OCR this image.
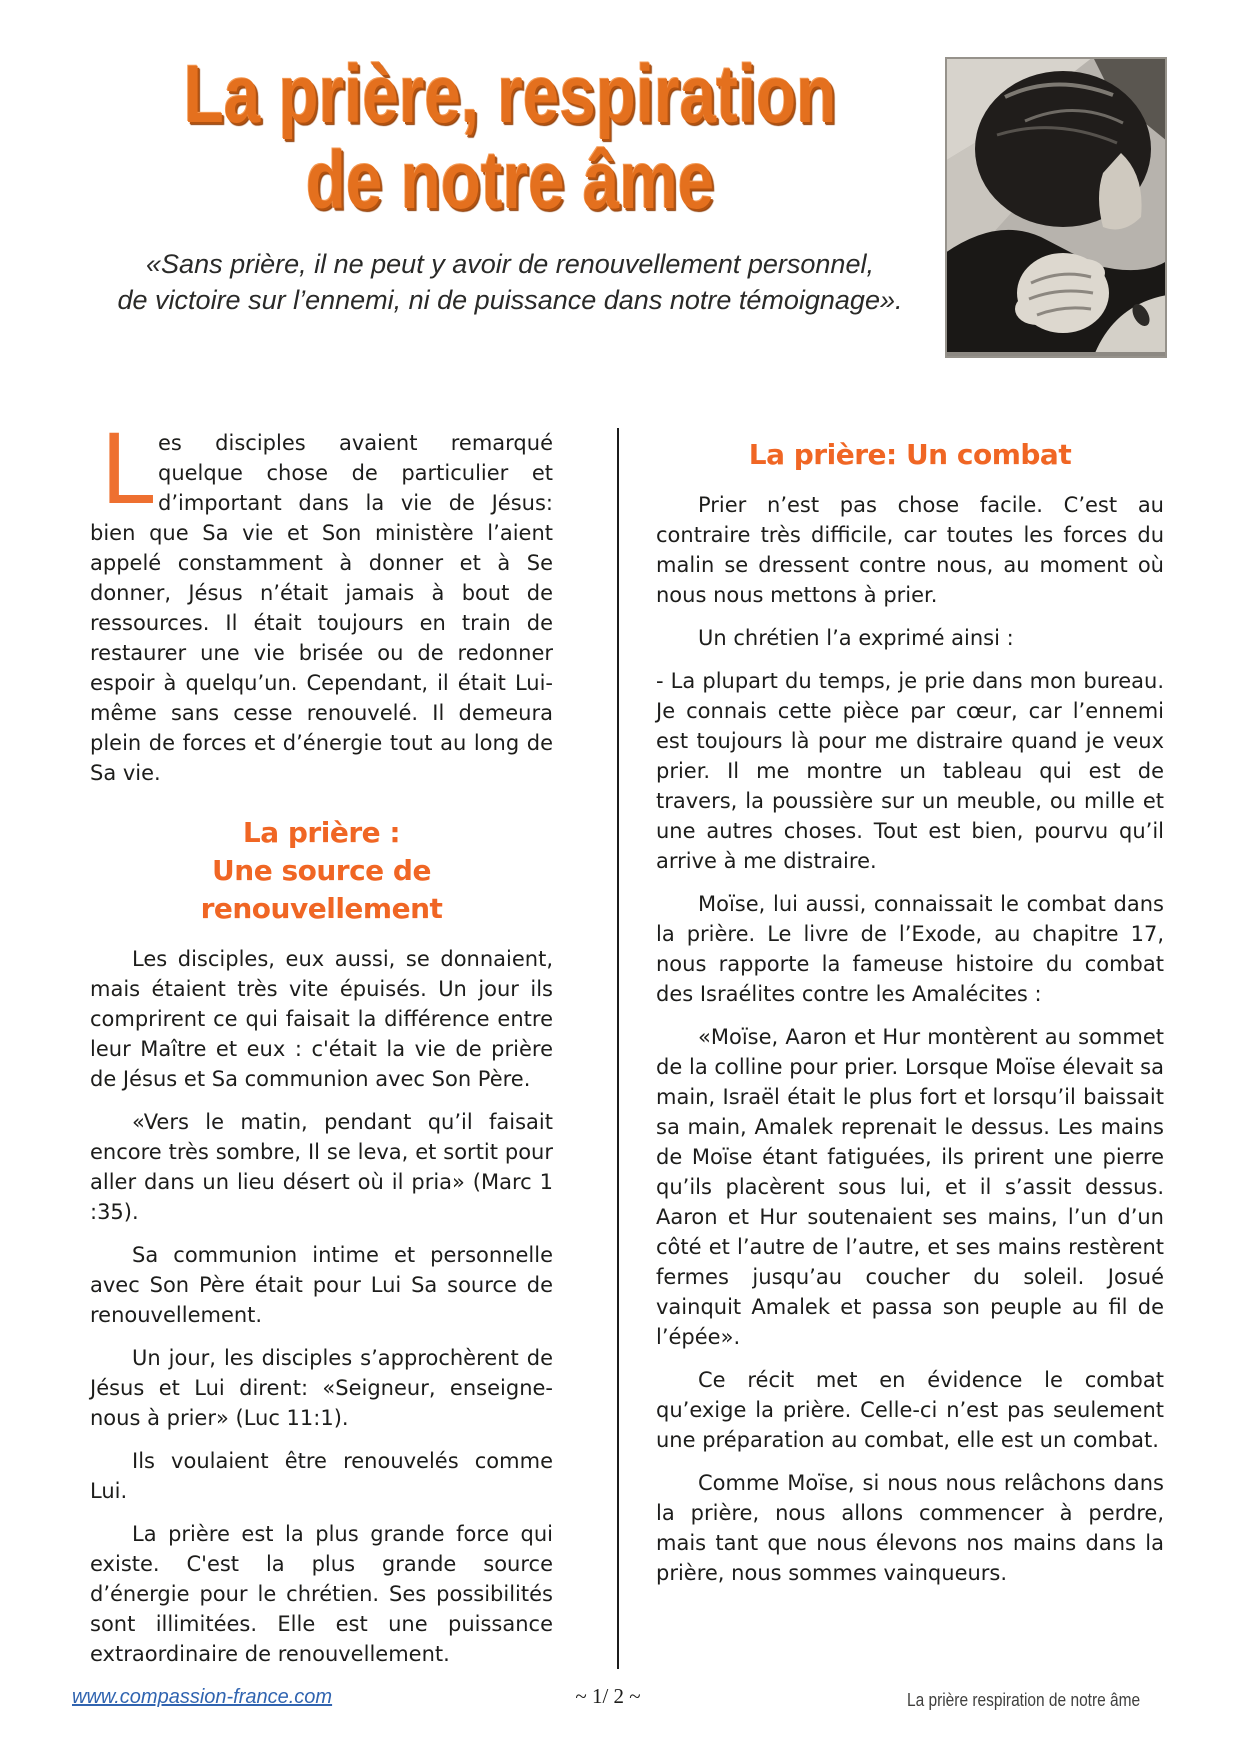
La prière, respiration
de notre âme
«Sans prière, il ne peut y avoir de renouvellement personnel,
de victoire sur l’ennemi, ni de puissance dans notre témoignage».

Les disciples avaient remarqué quelque chose de particulier et d’important dans la vie de Jésus: bien que Sa vie et Son ministère l’aient appelé constamment à donner et à Se donner, Jésus n’était jamais à bout de ressources. Il était toujours en train de restaurer une vie brisée ou de redonner espoir à quelqu’un. Cependant, il était Lui-même sans cesse renouvelé. Il demeura plein de forces et d’énergie tout au long de Sa vie.

La prière :
Une source de renouvellement

Les disciples, eux aussi, se donnaient, mais étaient très vite épuisés. Un jour ils comprirent ce qui faisait la différence entre leur Maître et eux : c'était la vie de prière de Jésus et Sa communion avec Son Père.

«Vers le matin, pendant qu’il faisait encore très sombre, Il se leva, et sortit pour aller dans un lieu désert où il pria» (Marc 1 :35).

Sa communion intime et personnelle avec Son Père était pour Lui Sa source de renouvellement.

Un jour, les disciples s’approchèrent de Jésus et Lui dirent: «Seigneur, enseigne- nous à prier» (Luc 11:1).

Ils voulaient être renouvelés comme Lui.

La prière est la plus grande force qui existe. C'est la plus grande source d’énergie pour le chrétien. Ses possibilités sont illimitées. Elle est une puissance extraordinaire de renouvellement.

La prière: Un combat

Prier n’est pas chose facile. C’est au contraire très difficile, car toutes les forces du malin se dressent contre nous, au moment où nous nous mettons à prier.

Un chrétien l’a exprimé ainsi :

- La plupart du temps, je prie dans mon bureau. Je connais cette pièce par cœur, car l’ennemi est toujours là pour me distraire quand je veux prier. Il me montre un tableau qui est de travers, la poussière sur un meuble, ou mille et une autres choses. Tout est bien, pourvu qu’il arrive à me distraire.

Moïse, lui aussi, connaissait le combat dans la prière. Le livre de l’Exode, au chapitre 17, nous rapporte la fameuse histoire du combat des Israélites contre les Amalécites :

«Moïse, Aaron et Hur montèrent au sommet de la colline pour prier. Lorsque Moïse élevait sa main, Israël était le plus fort et lorsqu’il baissait sa main, Amalek reprenait le dessus. Les mains de Moïse étant fatiguées, ils prirent une pierre qu’ils placèrent sous lui, et il s’assit dessus. Aaron et Hur soutenaient ses mains, l’un d’un côté et l’autre de l’autre, et ses mains restèrent fermes jusqu’au coucher du soleil. Josué vainquit Amalek et passa son peuple au fil de l’épée».

Ce récit met en évidence le combat qu’exige la prière. Celle-ci n’est pas seulement une préparation au combat, elle est un combat.

Comme Moïse, si nous nous relâchons dans la prière, nous allons commencer à perdre, mais tant que nous élevons nos mains dans la prière, nous sommes vainqueurs.

www.compassion-france.com	~ 1/ 2 ~	La prière respiration de notre âme
